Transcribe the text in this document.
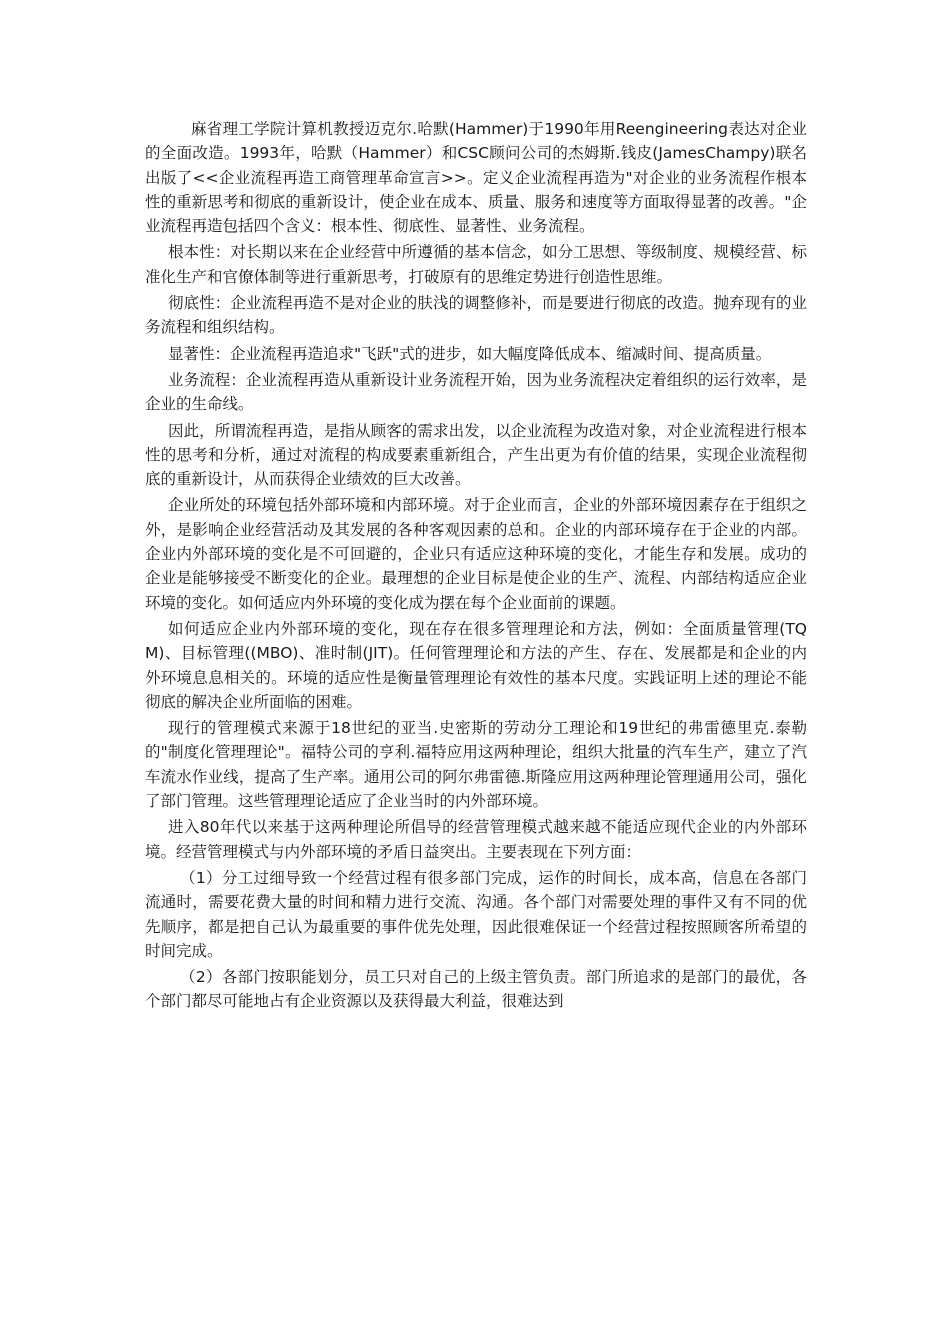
麻省理工学院计算机教授迈克尔.哈默(Hammer)于1990年用Reengineering表达对企业的全面改造。1993年，哈默（Hammer）和CSC顾问公司的杰姆斯.钱皮(JamesChampy)联名出版了<<企业流程再造工商管理革命宣言>>。定义企业流程再造为"对企业的业务流程作根本性的重新思考和彻底的重新设计，使企业在成本、质量、服务和速度等方面取得显著的改善。"企业流程再造包括四个含义：根本性、彻底性、显著性、业务流程。

根本性：对长期以来在企业经营中所遵循的基本信念，如分工思想、等级制度、规模经营、标准化生产和官僚体制等进行重新思考，打破原有的思维定势进行创造性思维。

彻底性：企业流程再造不是对企业的肤浅的调整修补，而是要进行彻底的改造。抛弃现有的业务流程和组织结构。

显著性：企业流程再造追求"飞跃"式的进步，如大幅度降低成本、缩减时间、提高质量。

业务流程：企业流程再造从重新设计业务流程开始，因为业务流程决定着组织的运行效率，是企业的生命线。

因此，所谓流程再造，是指从顾客的需求出发，以企业流程为改造对象，对企业流程进行根本性的思考和分析，通过对流程的构成要素重新组合，产生出更为有价值的结果，实现企业流程彻底的重新设计，从而获得企业绩效的巨大改善。

企业所处的环境包括外部环境和内部环境。对于企业而言，企业的外部环境因素存在于组织之外，是影响企业经营活动及其发展的各种客观因素的总和。企业的内部环境存在于企业的内部。企业内外部环境的变化是不可回避的，企业只有适应这种环境的变化，才能生存和发展。成功的企业是能够接受不断变化的企业。最理想的企业目标是使企业的生产、流程、内部结构适应企业环境的变化。如何适应内外环境的变化成为摆在每个企业面前的课题。

如何适应企业内外部环境的变化，现在存在很多管理理论和方法，例如：全面质量管理(TQM)、目标管理((MBO)、准时制(JIT)。任何管理理论和方法的产生、存在、发展都是和企业的内外环境息息相关的。环境的适应性是衡量管理理论有效性的基本尺度。实践证明上述的理论不能彻底的解决企业所面临的困难。

现行的管理模式来源于18世纪的亚当.史密斯的劳动分工理论和19世纪的弗雷德里克.泰勒的"制度化管理理论"。福特公司的亨利.福特应用这两种理论，组织大批量的汽车生产，建立了汽车流水作业线，提高了生产率。通用公司的阿尔弗雷德.斯隆应用这两种理论管理通用公司，强化了部门管理。这些管理理论适应了企业当时的内外部环境。

进入80年代以来基于这两种理论所倡导的经营管理模式越来越不能适应现代企业的内外部环境。经营管理模式与内外部环境的矛盾日益突出。主要表现在下列方面：

（1）分工过细导致一个经营过程有很多部门完成，运作的时间长，成本高，信息在各部门流通时，需要花费大量的时间和精力进行交流、沟通。各个部门对需要处理的事件又有不同的优先顺序，都是把自己认为最重要的事件优先处理，因此很难保证一个经营过程按照顾客所希望的时间完成。

（2）各部门按职能划分，员工只对自己的上级主管负责。部门所追求的是部门的最优，各个部门都尽可能地占有企业资源以及获得最大利益，很难达到
